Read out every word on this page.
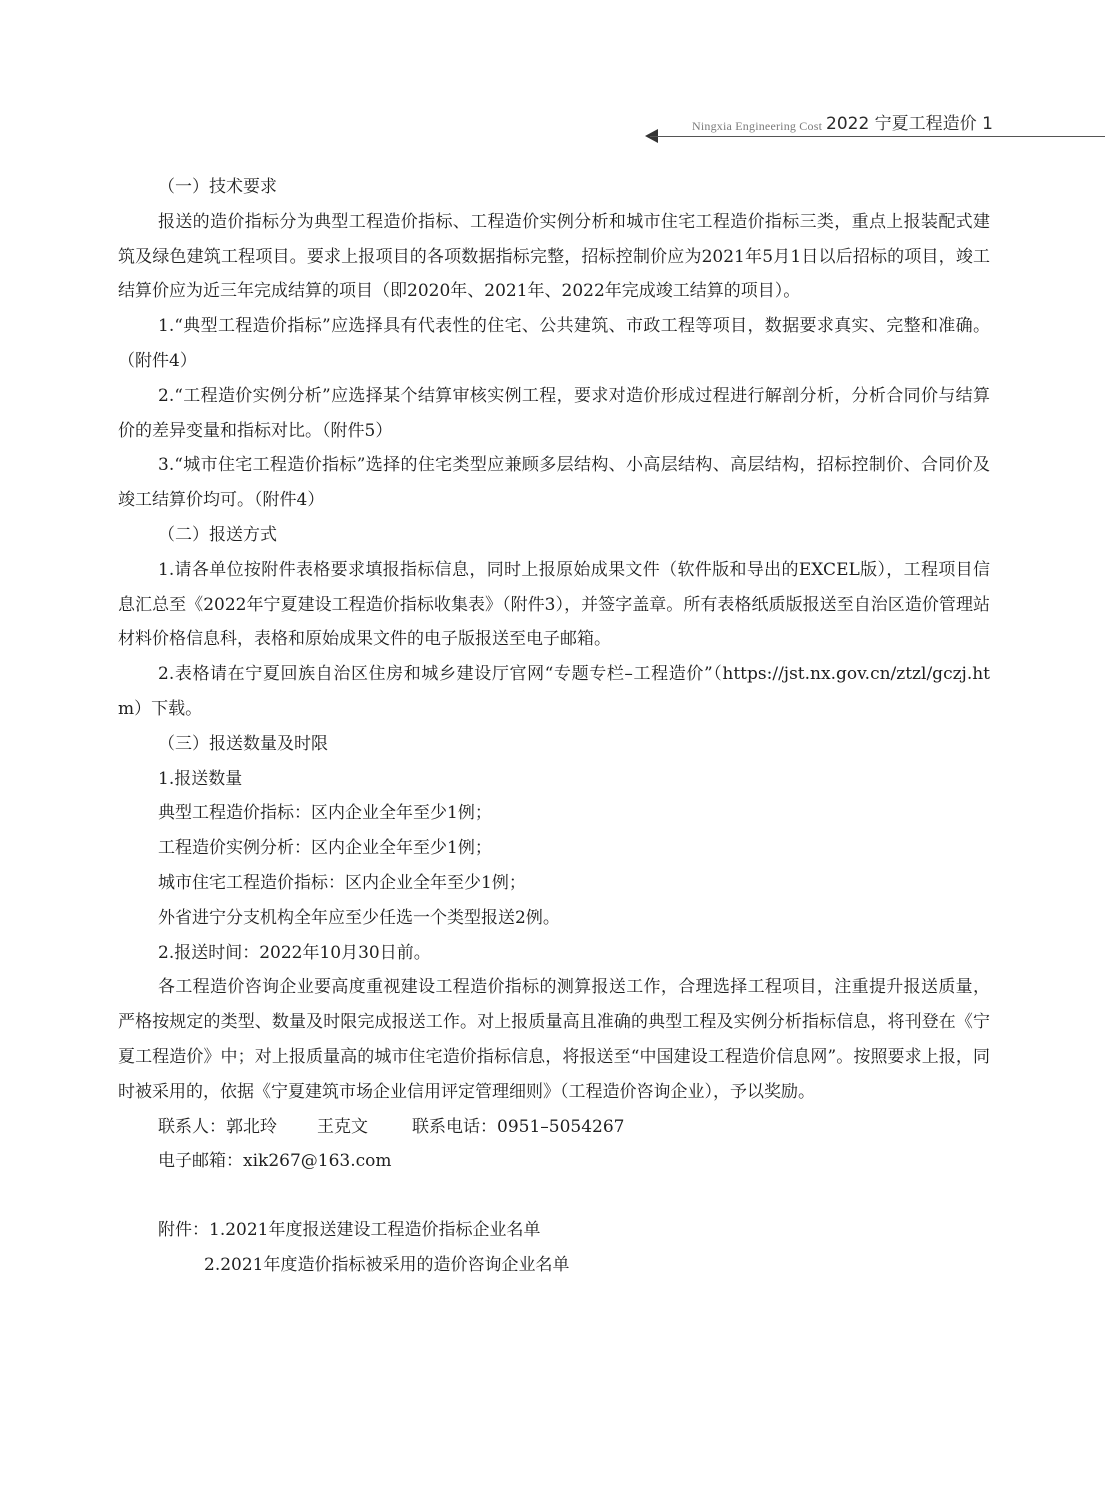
Ningxia Engineering Cost 2022 宁夏工程造价 1

（一）技术要求

报送的造价指标分为典型工程造价指标、工程造价实例分析和城市住宅工程造价指标三类，重点上报装配式建筑及绿色建筑工程项目。要求上报项目的各项数据指标完整，招标控制价应为2021年5月1日以后招标的项目，竣工结算价应为近三年完成结算的项目（即2020年、2021年、2022年完成竣工结算的项目）。

1.“典型工程造价指标”应选择具有代表性的住宅、公共建筑、市政工程等项目，数据要求真实、完整和准确。（附件4）

2.“工程造价实例分析”应选择某个结算审核实例工程，要求对造价形成过程进行解剖分析，分析合同价与结算价的差异变量和指标对比。（附件5）

3.“城市住宅工程造价指标”选择的住宅类型应兼顾多层结构、小高层结构、高层结构，招标控制价、合同价及竣工结算价均可。（附件4）

（二）报送方式

1.请各单位按附件表格要求填报指标信息，同时上报原始成果文件（软件版和导出的EXCEL版），工程项目信息汇总至《2022年宁夏建设工程造价指标收集表》（附件3），并签字盖章。所有表格纸质版报送至自治区造价管理站材料价格信息科，表格和原始成果文件的电子版报送至电子邮箱。

2.表格请在宁夏回族自治区住房和城乡建设厅官网“专题专栏–工程造价”（https://jst.nx.gov.cn/ztzl/gczj.htm）下载。

（三）报送数量及时限

1.报送数量

典型工程造价指标：区内企业全年至少1例；

工程造价实例分析：区内企业全年至少1例；

城市住宅工程造价指标：区内企业全年至少1例；

外省进宁分支机构全年应至少任选一个类型报送2例。

2.报送时间：2022年10月30日前。

各工程造价咨询企业要高度重视建设工程造价指标的测算报送工作，合理选择工程项目，注重提升报送质量，严格按规定的类型、数量及时限完成报送工作。对上报质量高且准确的典型工程及实例分析指标信息，将刊登在《宁夏工程造价》中；对上报质量高的城市住宅造价指标信息，将报送至“中国建设工程造价信息网”。按照要求上报，同时被采用的，依据《宁夏建筑市场企业信用评定管理细则》（工程造价咨询企业），予以奖励。

联系人：郭北玲 王克文	联系电话：0951–5054267

电子邮箱：xik267@163.com

附件：1.2021年度报送建设工程造价指标企业名单

2.2021年度造价指标被采用的造价咨询企业名单
